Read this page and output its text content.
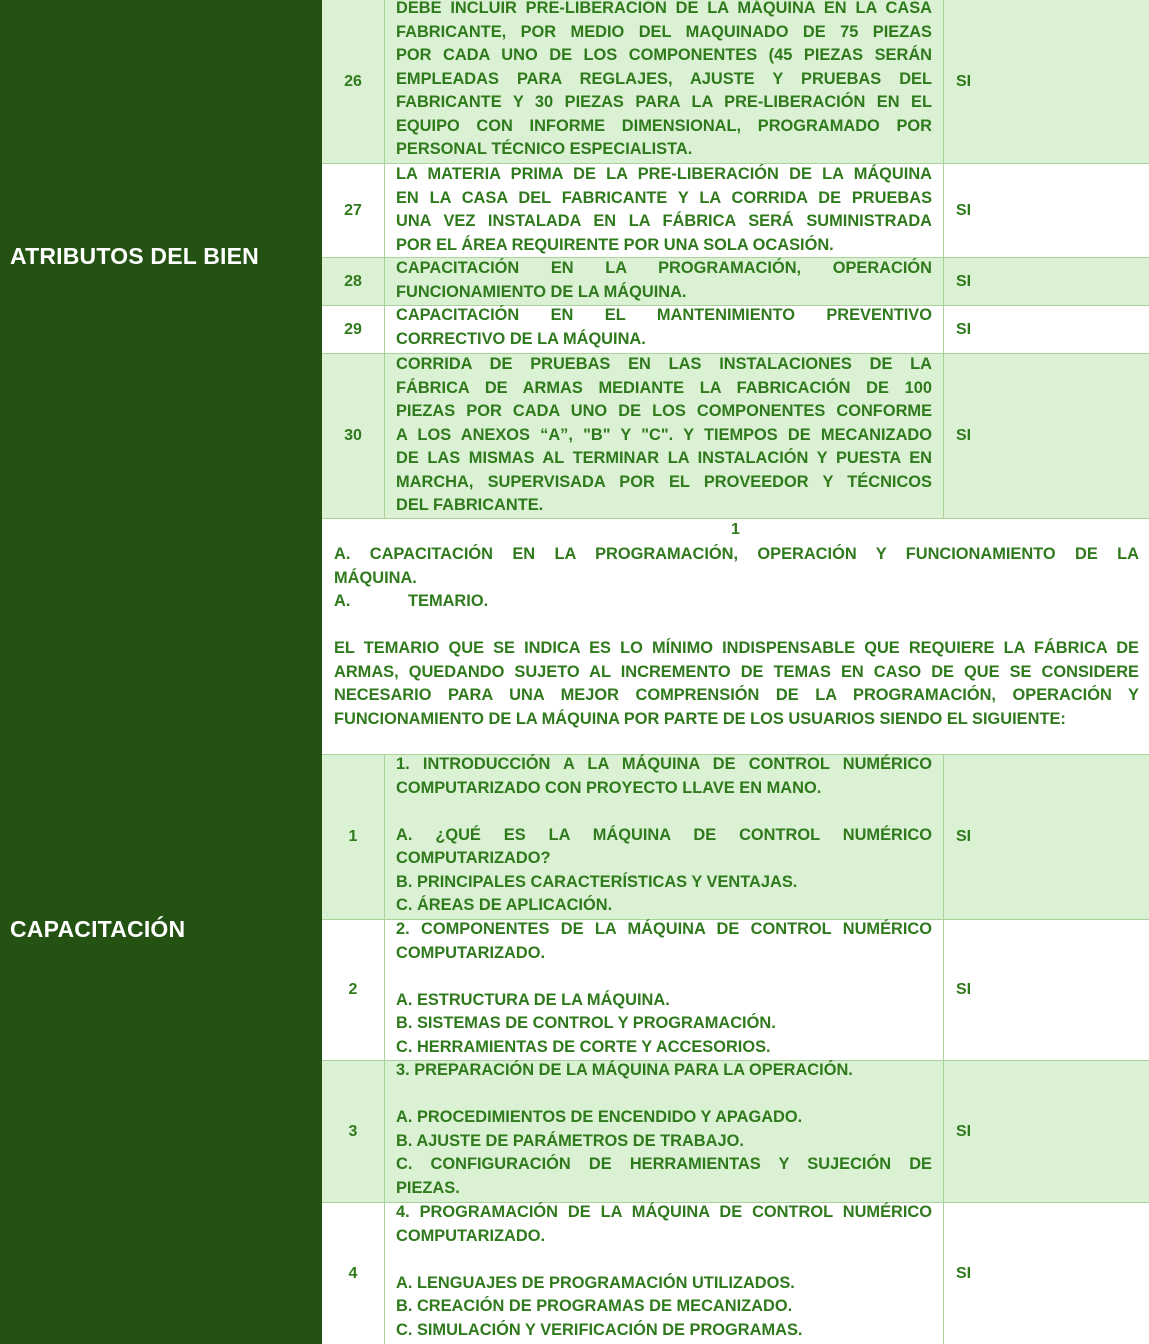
ATRIBUTOS DEL BIEN
CAPACITACIÓN
26
DEBE INCLUIR PRE-LIBERACIÓN DE LA MÁQUINA EN LA CASA
FABRICANTE, POR MEDIO DEL MAQUINADO DE 75 PIEZAS
POR CADA UNO DE LOS COMPONENTES (45 PIEZAS SERÁN
EMPLEADAS PARA REGLAJES, AJUSTE Y PRUEBAS DEL
FABRICANTE Y 30 PIEZAS PARA LA PRE-LIBERACIÓN EN EL
EQUIPO CON INFORME DIMENSIONAL, PROGRAMADO POR
PERSONAL TÉCNICO ESPECIALISTA.
SI
27
LA MATERIA PRIMA DE LA PRE-LIBERACIÓN DE LA MÁQUINA
EN LA CASA DEL FABRICANTE Y LA CORRIDA DE PRUEBAS
UNA VEZ INSTALADA EN LA FÁBRICA SERÁ SUMINISTRADA
POR EL ÁREA REQUIRENTE POR UNA SOLA OCASIÓN.
SI
28
CAPACITACIÓN EN LA PROGRAMACIÓN, OPERACIÓN
FUNCIONAMIENTO DE LA MÁQUINA.
SI
29
CAPACITACIÓN EN EL MANTENIMIENTO PREVENTIVO
CORRECTIVO DE LA MÁQUINA.
SI
30
CORRIDA DE PRUEBAS EN LAS INSTALACIONES DE LA
FÁBRICA DE ARMAS MEDIANTE LA FABRICACIÓN DE 100
PIEZAS POR CADA UNO DE LOS COMPONENTES CONFORME
A LOS ANEXOS “A”, "B" Y "C". Y TIEMPOS DE MECANIZADO
DE LAS MISMAS AL TERMINAR LA INSTALACIÓN Y PUESTA EN
MARCHA, SUPERVISADA POR EL PROVEEDOR Y TÉCNICOS
DEL FABRICANTE.
SI
1
A. CAPACITACIÓN EN LA PROGRAMACIÓN, OPERACIÓN Y FUNCIONAMIENTO DE LA
MÁQUINA.
A.	TEMARIO.
EL TEMARIO QUE SE INDICA ES LO MÍNIMO INDISPENSABLE QUE REQUIERE LA FÁBRICA DE
ARMAS, QUEDANDO SUJETO AL INCREMENTO DE TEMAS EN CASO DE QUE SE CONSIDERE
NECESARIO PARA UNA MEJOR COMPRENSIÓN DE LA PROGRAMACIÓN, OPERACIÓN Y
FUNCIONAMIENTO DE LA MÁQUINA POR PARTE DE LOS USUARIOS SIENDO EL SIGUIENTE:
1
1. INTRODUCCIÓN A LA MÁQUINA DE CONTROL NUMÉRICO
COMPUTARIZADO CON PROYECTO LLAVE EN MANO.
A. ¿QUÉ ES LA MÁQUINA DE CONTROL NUMÉRICO
COMPUTARIZADO?
B. PRINCIPALES CARACTERÍSTICAS Y VENTAJAS.
C. ÁREAS DE APLICACIÓN.
SI
2
2. COMPONENTES DE LA MÁQUINA DE CONTROL NUMÉRICO
COMPUTARIZADO.
A. ESTRUCTURA DE LA MÁQUINA.
B. SISTEMAS DE CONTROL Y PROGRAMACIÓN.
C. HERRAMIENTAS DE CORTE Y ACCESORIOS.
SI
3
3. PREPARACIÓN DE LA MÁQUINA PARA LA OPERACIÓN.
A. PROCEDIMIENTOS DE ENCENDIDO Y APAGADO.
B. AJUSTE DE PARÁMETROS DE TRABAJO.
C. CONFIGURACIÓN DE HERRAMIENTAS Y SUJECIÓN DE
PIEZAS.
SI
4
4. PROGRAMACIÓN DE LA MÁQUINA DE CONTROL NUMÉRICO
COMPUTARIZADO.
A. LENGUAJES DE PROGRAMACIÓN UTILIZADOS.
B. CREACIÓN DE PROGRAMAS DE MECANIZADO.
C. SIMULACIÓN Y VERIFICACIÓN DE PROGRAMAS.
SI
